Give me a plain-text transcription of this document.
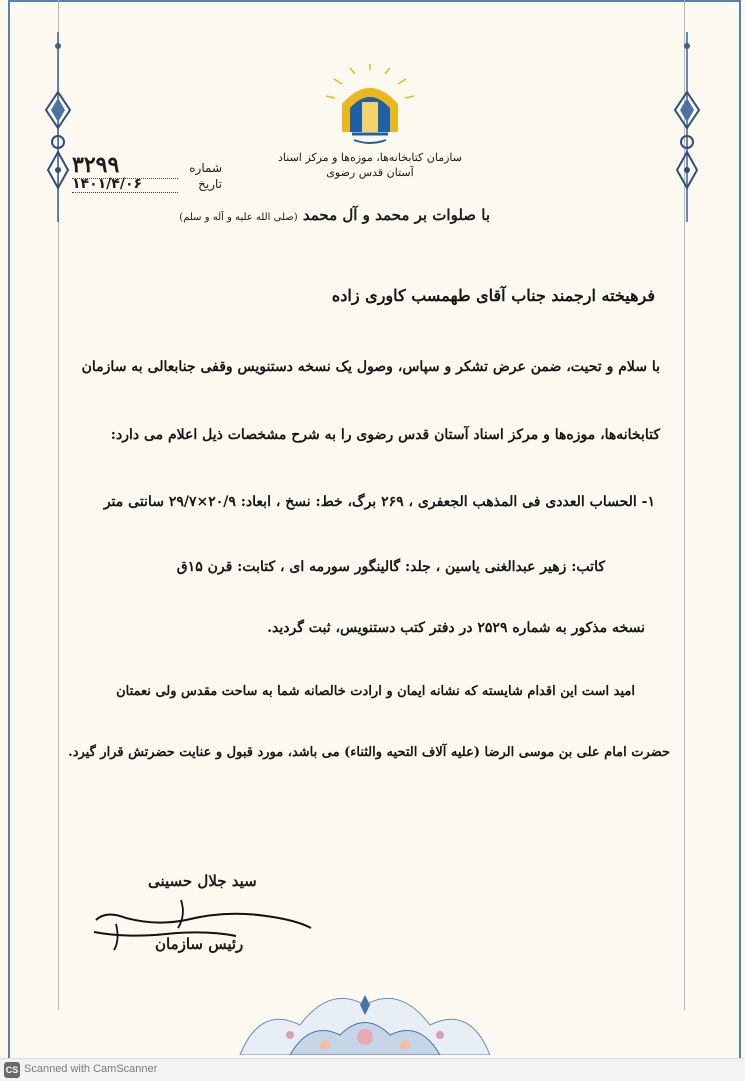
سازمان کتابخانه‌ها، موزه‌ها و مرکز اسناد
آستان قدس رضوی
شماره
۳۲۹۹
تاریخ
۱۴۰۱/۴/۰۶
با صلوات بر محمد و آل محمد (صلی الله علیه و آله و سلم)
فرهیخته ارجمند جناب آقای طهمسب کاوری زاده
با سلام و تحیت، ضمن عرض تشکر و سپاس، وصول یک نسخه دستنویس وقفی جنابعالی به سازمان
کتابخانه‌ها، موزه‌ها و مرکز اسناد آستان قدس رضوی را به شرح مشخصات ذیل اعلام می دارد:
۱- الحساب العددی فی المذهب الجعفری ، ۲۶۹ برگ، خط: نسخ ، ابعاد: ۲۰/۹×۲۹/۷ سانتی متر
کاتب: زهیر عبدالغنی یاسین ، جلد: گالینگور سورمه ای ، کتابت: قرن ۱۵ق
نسخه مذکور به شماره ۲۵۲۹ در دفتر کتب دستنویس، ثبت گردید.
امید است این اقدام شایسته که نشانه ایمان و ارادت خالصانه شما به ساحت مقدس ولی نعمتان
حضرت امام علی بن موسی الرضا (علیه آلاف التحیه والثناء) می باشد، مورد قبول و عنایت حضرتش قرار گیرد.
سید جلال حسینی
رئیس سازمان
CS Scanned with CamScanner
